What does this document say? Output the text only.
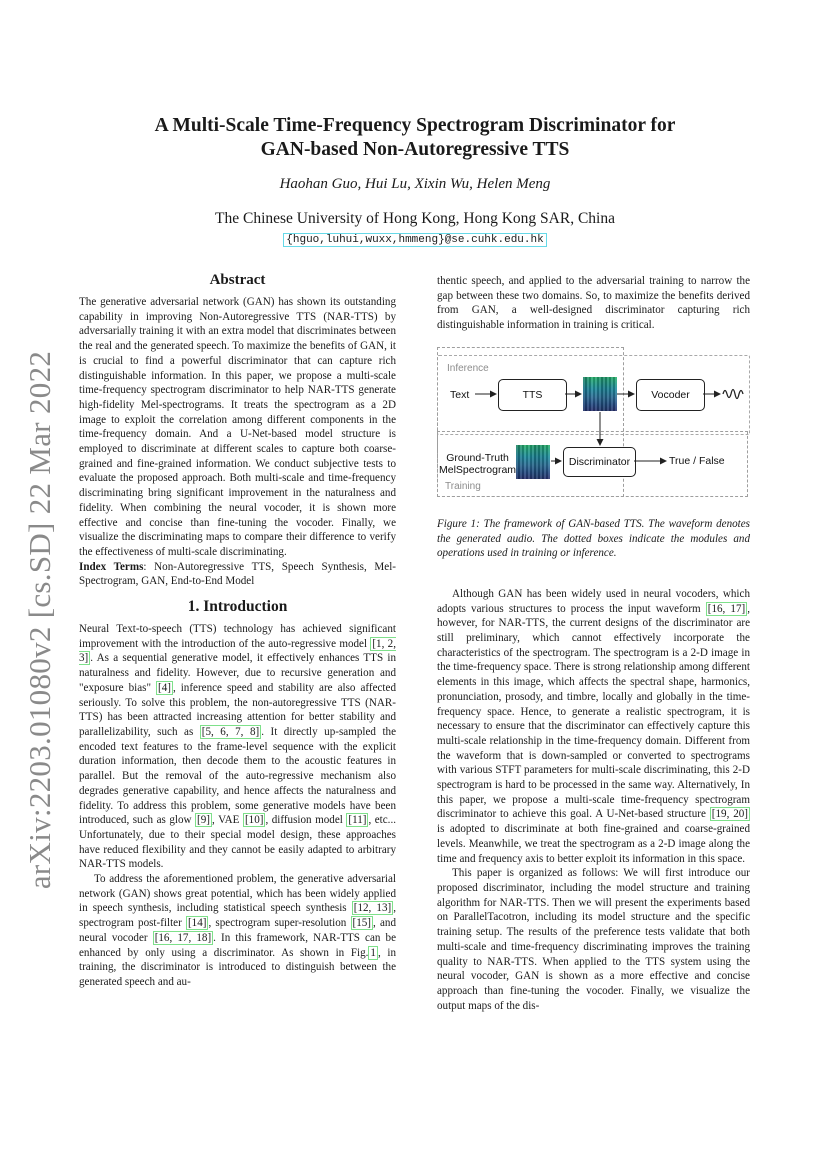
arXiv:2203.01080v2 [cs.SD] 22 Mar 2022
A Multi-Scale Time-Frequency Spectrogram Discriminator for
GAN-based Non-Autoregressive TTS
Haohan Guo, Hui Lu, Xixin Wu, Helen Meng
The Chinese University of Hong Kong, Hong Kong SAR, China
{hguo,luhui,wuxx,hmmeng}@se.cuhk.edu.hk
Abstract

The generative adversarial network (GAN) has shown its outstanding capability in improving Non-Autoregressive TTS (NAR-TTS) by adversarially training it with an extra model that discriminates between the real and the generated speech. To maximize the benefits of GAN, it is crucial to find a powerful discriminator that can capture rich distinguishable information. In this paper, we propose a multi-scale time-frequency spectrogram discriminator to help NAR-TTS generate high-fidelity Mel-spectrograms. It treats the spectrogram as a 2D image to exploit the correlation among different components in the time-frequency domain. And a U-Net-based model structure is employed to discriminate at different scales to capture both coarse-grained and fine-grained information. We conduct subjective tests to evaluate the proposed approach. Both multi-scale and time-frequency discriminating bring significant improvement in the naturalness and fidelity. When combining the neural vocoder, it is shown more effective and concise than fine-tuning the vocoder. Finally, we visualize the discriminating maps to compare their difference to verify the effectiveness of multi-scale discriminating.

Index Terms: Non-Autoregressive TTS, Speech Synthesis, Mel-Spectrogram, GAN, End-to-End Model

1. Introduction

Neural Text-to-speech (TTS) technology has achieved significant improvement with the introduction of the auto-regressive model [1, 2, 3] . As a sequential generative model, it effectively enhances TTS in naturalness and fidelity. However, due to recursive generation and "exposure bias" [4] , inference speed and stability are also affected seriously. To solve this problem, the non-autoregressive TTS (NAR-TTS) has been attracted increasing attention for better stability and parallelizability, such as [5, 6, 7, 8] . It directly up-sampled the encoded text features to the frame-level sequence with the explicit duration information, then decode them to the acoustic features in parallel. But the removal of the auto-regressive mechanism also degrades generative capability, and hence affects the naturalness and fidelity. To address this problem, some generative models have been introduced, such as glow [9] , VAE [10] , diffusion model [11] , etc... Unfortunately, due to their special model design, these approaches have reduced flexibility and they cannot be easily adapted to arbitrary NAR-TTS models.

To address the aforementioned problem, the generative adversarial network (GAN) shows great potential, which has been widely applied in speech synthesis, including statistical speech synthesis [12, 13] , spectrogram post-filter [14] , spectrogram super-resolution [15] , and neural vocoder [16, 17, 18] . In this framework, NAR-TTS can be enhanced by only using a discriminator. As shown in Fig. 1 , in training, the discriminator is introduced to distinguish between the generated speech and au-

thentic speech, and applied to the adversarial training to narrow the gap between these two domains. So, to maximize the benefits derived from GAN, a well-designed discriminator capturing rich distinguishable information in training is critical.

Inference
Training
Text	TTS	Vocoder
Ground-Truth
MelSpectrogram
Discriminator	True / False
Figure 1: The framework of GAN-based TTS. The waveform denotes the generated audio. The dotted boxes indicate the modules and operations used in training or inference.

Although GAN has been widely used in neural vocoders, which adopts various structures to process the input waveform [16, 17] , however, for NAR-TTS, the current designs of the discriminator are still preliminary, which cannot effectively incorporate the characteristics of the spectrogram. The spectrogram is a 2-D image in the time-frequency space. There is strong relationship among different elements in this image, which affects the spectral shape, harmonics, pronunciation, prosody, and timbre, locally and globally in the time-frequency space. Hence, to generate a realistic spectrogram, it is necessary to ensure that the discriminator can effectively capture this multi-scale relationship in the time-frequency domain. Different from the waveform that is down-sampled or converted to spectrograms with various STFT parameters for multi-scale discriminating, this 2-D spectrogram is hard to be processed in the same way. Alternatively, In this paper, we propose a multi-scale time-frequency spectrogram discriminator to achieve this goal. A U-Net-based structure [19, 20] is adopted to discriminate at both fine-grained and coarse-grained levels. Meanwhile, we treat the spectrogram as a 2-D image along the time and frequency axis to better exploit its information in this space.

This paper is organized as follows: We will first introduce our proposed discriminator, including the model structure and training algorithm for NAR-TTS. Then we will present the experiments based on ParallelTacotron, including its model structure and the specific training setup. The results of the preference tests validate that both multi-scale and time-frequency discriminating improves the training quality to NAR-TTS. When applied to the TTS system using the neural vocoder, GAN is shown as a more effective and concise approach than fine-tuning the vocoder. Finally, we visualize the output maps of the dis-
